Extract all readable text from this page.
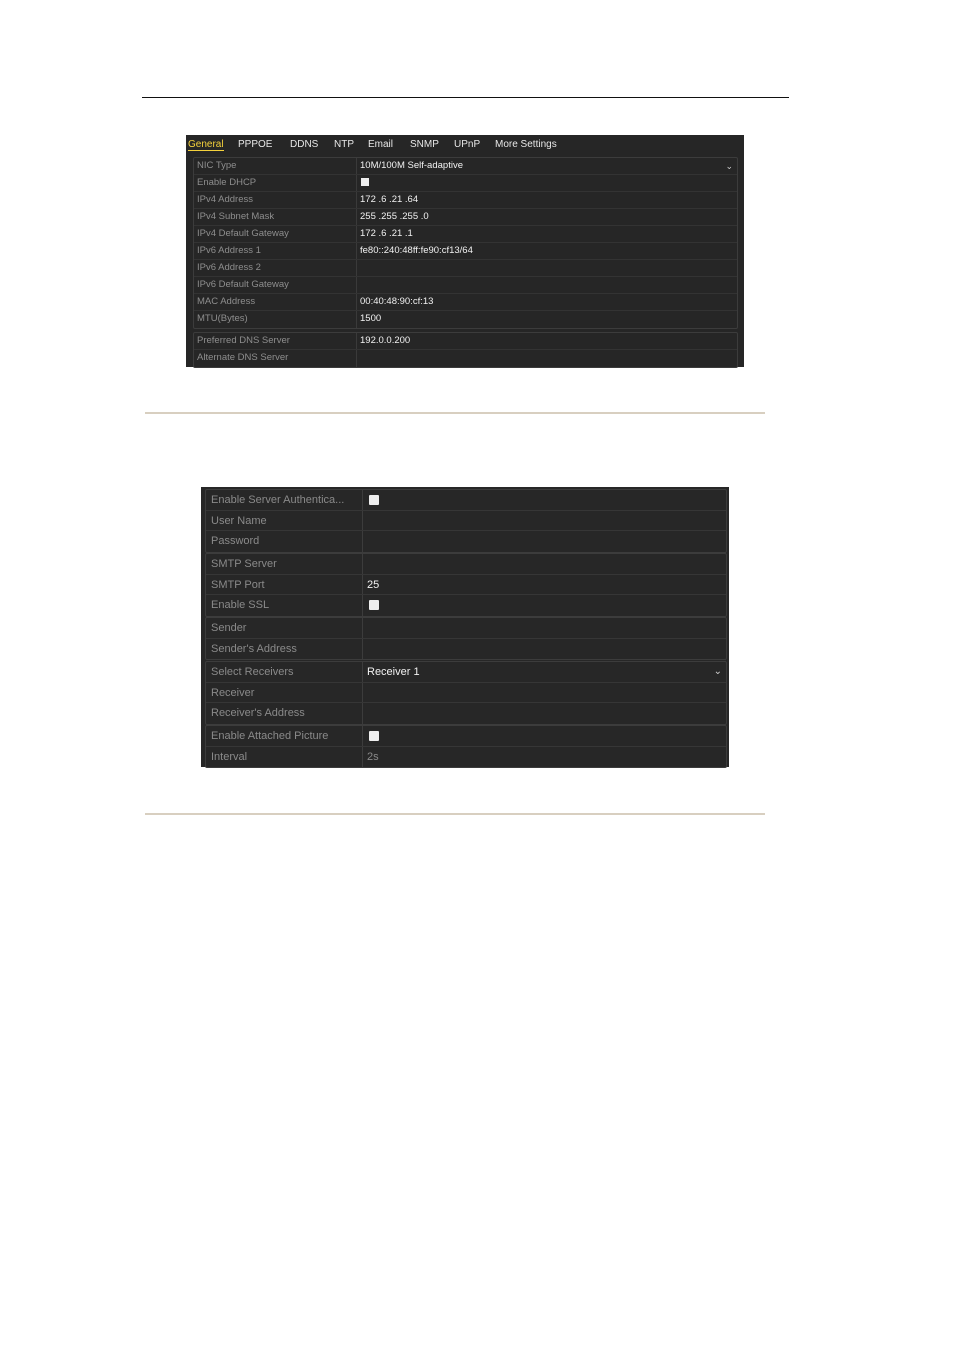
General PPPOE DDNS NTP Email SNMP UPnP More Settings
NIC Type	10M/100M Self-adaptive	⌄
Enable DHCP
IPv4 Address	172 .6 .21 .64
IPv4 Subnet Mask	255 .255 .255 .0
IPv4 Default Gateway	172 .6 .21 .1
IPv6 Address 1	fe80::240:48ff:fe90:cf13/64
IPv6 Address 2
IPv6 Default Gateway
MAC Address	00:40:48:90:cf:13
MTU(Bytes)	1500
Preferred DNS Server	192.0.0.200
Alternate DNS Server
Enable Server Authentica...
User Name
Password
SMTP Server
SMTP Port	25
Enable SSL
Sender
Sender's Address
Select Receivers	Receiver 1	⌄
Receiver
Receiver's Address
Enable Attached Picture
Interval	2s
